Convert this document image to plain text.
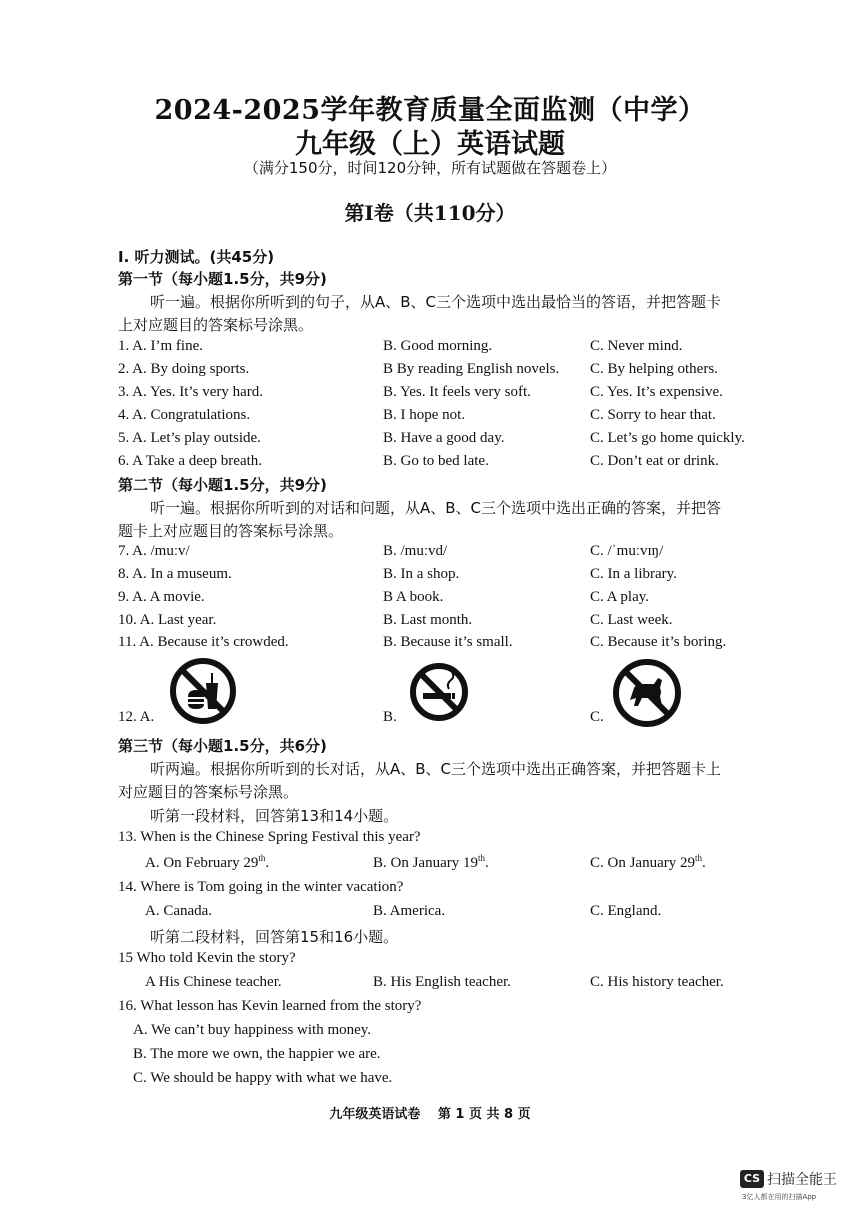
2024-2025学年教育质量全面监测（中学）
九年级（上）英语试题
（满分150分，时间120分钟，所有试题做在答题卷上）
第Ⅰ卷（共110分）
Ⅰ. 听力测试。(共45分)
第一节（每小题1.5分，共9分)
听一遍。根据你所听到的句子，从A、B、C三个选项中选出最恰当的答语，并把答题卡
上对应题目的答案标号涂黑。
1. A. I’m fine.	B. Good morning.	C. Never mind.
2. A. By doing sports.	B By reading English novels. C. By helping others.
3. A. Yes. It’s very hard.	B. Yes. It feels very soft.	C. Yes. It’s expensive.
4. A. Congratulations.	B. I hope not.	C. Sorry to hear that.
5. A. Let’s play outside.	B. Have a good day.	C. Let’s go home quickly.
6. A Take a deep breath.	B. Go to bed late.	C. Don’t eat or drink.
第二节（每小题1.5分，共9分)
听一遍。根据你所听到的对话和问题，从A、B、C三个选项中选出正确的答案，并把答
题卡上对应题目的答案标号涂黑。
7. A. /muːv/	B. /muːvd/	C. /ˈmuːvɪŋ/
8. A. In a museum.	B. In a shop.	C. In a library.
9. A. A movie.	B A book.	C. A play.
10. A. Last year.	B. Last month.	C. Last week.
11. A. Because it’s crowded.	B. Because it’s small.	C. Because it’s boring.
12. A.	B.	C.
第三节（每小题1.5分，共6分)
听两遍。根据你所听到的长对话，从A、B、C三个选项中选出正确答案，并把答题卡上
对应题目的答案标号涂黑。
听第一段材料，回答第13和14小题。
13. When is the Chinese Spring Festival this year?
A. On February 29th.	B. On January 19th.	C. On January 29th.
14. Where is Tom going in the winter vacation?
A. Canada.	B. America.	C. England.
听第二段材料，回答第15和16小题。
15 Who told Kevin the story?
A His Chinese teacher.	B. His English teacher.	C. His history teacher.
16. What lesson has Kevin learned from the story?
A. We can’t buy happiness with money.
B. The more we own, the happier we are.
C. We should be happy with what we have.
九年级英语试卷　 第 1 页 共 8 页
CS 扫描全能王
3亿人都在用的扫描App
